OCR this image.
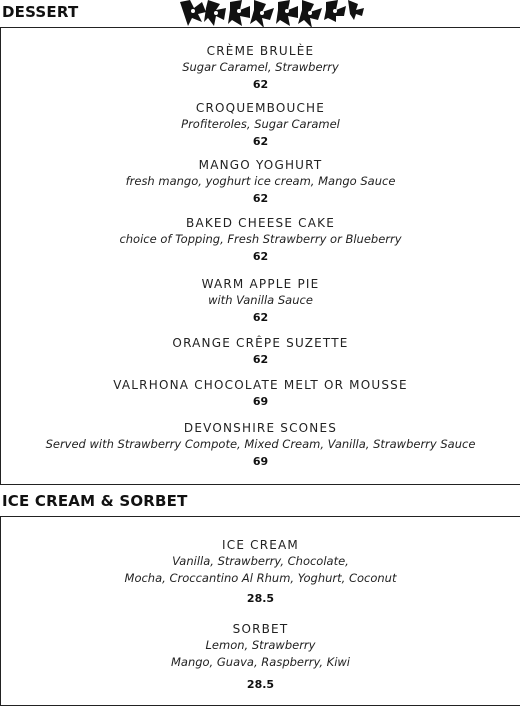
DESSERT
CRÈME BRULÈE
Sugar Caramel, Strawberry
62
CROQUEMBOUCHE
Profiteroles, Sugar Caramel
62
MANGO YOGHURT
fresh mango, yoghurt ice cream, Mango Sauce
62
BAKED CHEESE CAKE
choice of Topping, Fresh Strawberry or Blueberry
62
WARM APPLE PIE
with Vanilla Sauce
62
ORANGE CRÊPE SUZETTE
62
VALRHONA CHOCOLATE MELT OR MOUSSE
69
DEVONSHIRE SCONES
Served with Strawberry Compote, Mixed Cream, Vanilla, Strawberry Sauce
69
ICE CREAM & SORBET
ICE CREAM
Vanilla, Strawberry, Chocolate,
Mocha, Croccantino Al Rhum, Yoghurt, Coconut
28.5
SORBET
Lemon, Strawberry
Mango, Guava, Raspberry, Kiwi
28.5
